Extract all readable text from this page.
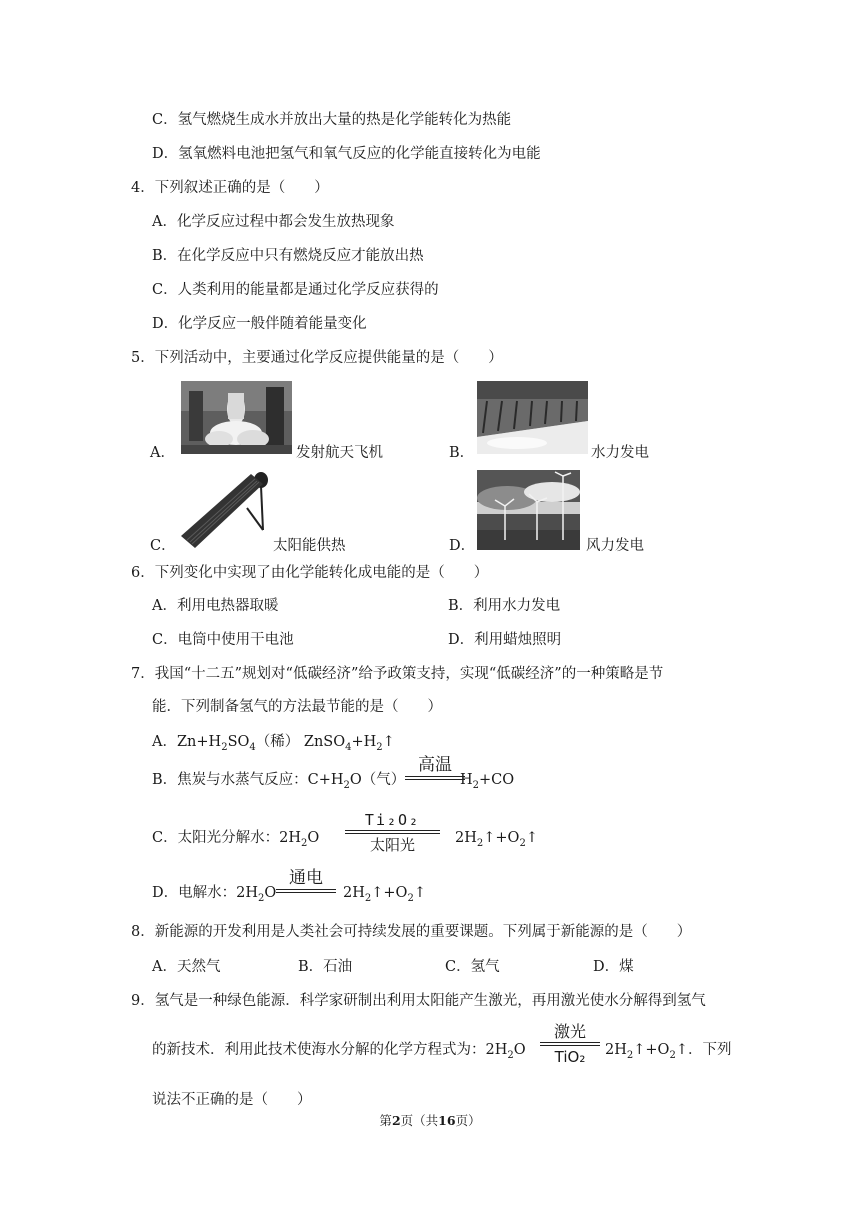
C．氢气燃烧生成水并放出大量的热是化学能转化为热能
D．氢氧燃料电池把氢气和氧气反应的化学能直接转化为电能
4．下列叙述正确的是（　　）
A．化学反应过程中都会发生放热现象
B．在化学反应中只有燃烧反应才能放出热
C．人类利用的能量都是通过化学反应获得的
D．化学反应一般伴随着能量变化
5．下列活动中，主要通过化学反应提供能量的是（　　）
A．	发射航天飞机	B．	水力发电
C．	太阳能供热	D．	风力发电
6．下列变化中实现了由化学能转化成电能的是（　　）
A．利用电热器取暖	B．利用水力发电
C．电筒中使用干电池	D．利用蜡烛照明
7．我国“十二五”规划对“低碳经济”给予政策支持，实现“低碳经济”的一种策略是节
能．下列制备氢气的方法最节能的是（　　）
A．$Zn+H_2SO_4$（稀） $ZnSO_4+H_2↑$
B．焦炭与水蒸气反应：$C+H_2O$（气）
高温
$H_2+CO$
C．太阳光分解水：$2H_2O$
Ti₂O₂
太阳光	$2H_2↑+O_2↑$
D．电解水：$2H_2O$
通电
$2H_2↑+O_2↑$
8．新能源的开发利用是人类社会可持续发展的重要课题。下列属于新能源的是（　　）
A．天然气	B．石油	C．氢气	D．煤
9．氢气是一种绿色能源．科学家研制出利用太阳能产生激光，再用激光使水分解得到氢气
的新技术．利用此技术使海水分解的化学方程式为：$2H_2O$
激光
TiO₂	$2H_2↑+O_2↑$．下列
说法不正确的是（　　）
第2页（共16页）
